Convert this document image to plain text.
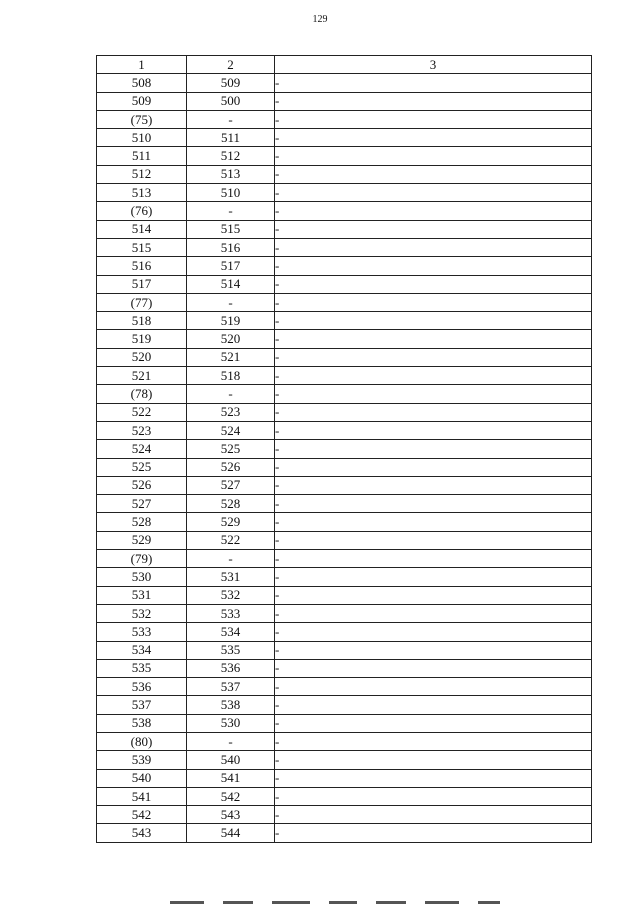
129
1	2	3
508	509	-
509	500	-
(75)	-	-
510	511	-
511	512	-
512	513	-
513	510	-
(76)	-	-
514	515	-
515	516	-
516	517	-
517	514	-
(77)	-	-
518	519	-
519	520	-
520	521	-
521	518	-
(78)	-	-
522	523	-
523	524	-
524	525	-
525	526	-
526	527	-
527	528	-
528	529	-
529	522	-
(79)	-	-
530	531	-
531	532	-
532	533	-
533	534	-
534	535	-
535	536	-
536	537	-
537	538	-
538	530	-
(80)	-	-
539	540	-
540	541	-
541	542	-
542	543	-
543	544	-
